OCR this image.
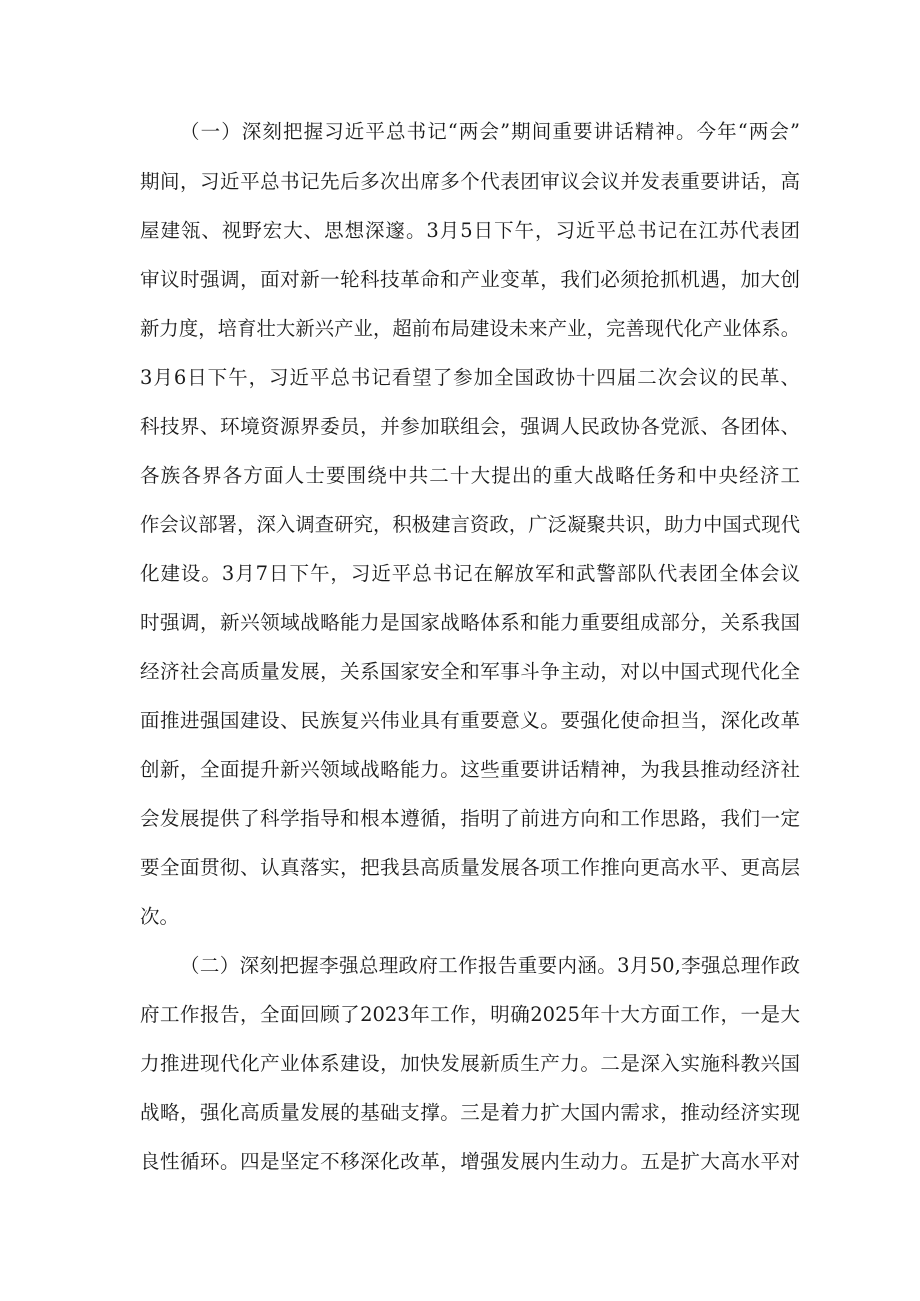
（一）深刻把握习近平总书记“两会”期间重要讲话精神。今年“两会”
期间，习近平总书记先后多次出席多个代表团审议会议并发表重要讲话，高
屋建瓴、视野宏大、思想深邃。3月5日下午，习近平总书记在江苏代表团
审议时强调，面对新一轮科技革命和产业变革，我们必须抢抓机遇，加大创
新力度，培育壮大新兴产业，超前布局建设未来产业，完善现代化产业体系。
3月6日下午，习近平总书记看望了参加全国政协十四届二次会议的民革、
科技界、环境资源界委员，并参加联组会，强调人民政协各党派、各团体、
各族各界各方面人士要围绕中共二十大提出的重大战略任务和中央经济工
作会议部署，深入调查研究，积极建言资政，广泛凝聚共识，助力中国式现代
化建设。3月7日下午，习近平总书记在解放军和武警部队代表团全体会议
时强调，新兴领域战略能力是国家战略体系和能力重要组成部分，关系我国
经济社会高质量发展，关系国家安全和军事斗争主动，对以中国式现代化全
面推进强国建设、民族复兴伟业具有重要意义。要强化使命担当，深化改革
创新，全面提升新兴领域战略能力。这些重要讲话精神，为我县推动经济社
会发展提供了科学指导和根本遵循，指明了前进方向和工作思路，我们一定
要全面贯彻、认真落实，把我县高质量发展各项工作推向更高水平、更高层
次。
（二）深刻把握李强总理政府工作报告重要内涵。3月50,李强总理作政
府工作报告，全面回顾了2023年工作，明确2025年十大方面工作，一是大
力推进现代化产业体系建设，加快发展新质生产力。二是深入实施科教兴国
战略，强化高质量发展的基础支撑。三是着力扩大国内需求，推动经济实现
良性循环。四是坚定不移深化改革，增强发展内生动力。五是扩大高水平对
